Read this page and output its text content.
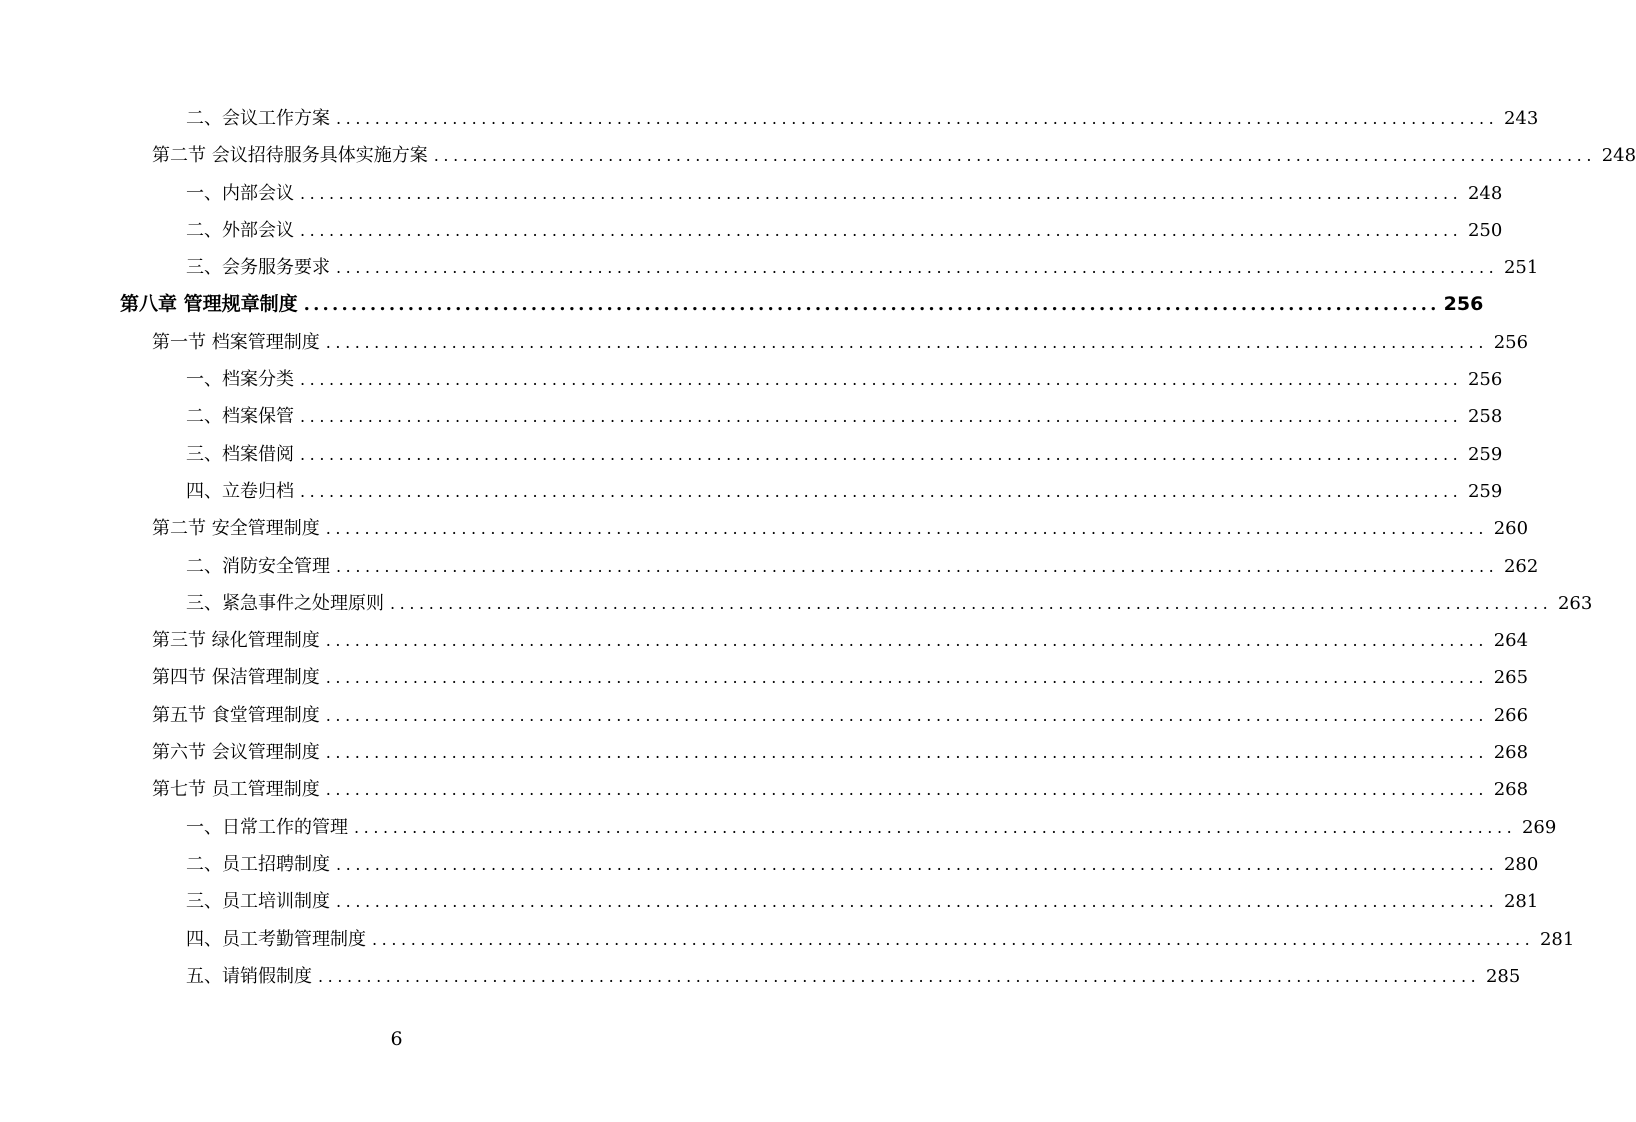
二、会议工作方案 ........................................................................................................................ 243
第二节 会议招待服务具体实施方案 ........................................................................................................................ 248
一、内部会议 ........................................................................................................................ 248
二、外部会议 ........................................................................................................................ 250
三、会务服务要求 ........................................................................................................................ 251
第八章 管理规章制度 ........................................................................................................................ 256
第一节 档案管理制度 ........................................................................................................................ 256
一、档案分类 ........................................................................................................................ 256
二、档案保管 ........................................................................................................................ 258
三、档案借阅 ........................................................................................................................ 259
四、立卷归档 ........................................................................................................................ 259
第二节 安全管理制度 ........................................................................................................................ 260
二、消防安全管理 ........................................................................................................................ 262
三、紧急事件之处理原则 ........................................................................................................................ 263
第三节 绿化管理制度 ........................................................................................................................ 264
第四节 保洁管理制度 ........................................................................................................................ 265
第五节 食堂管理制度 ........................................................................................................................ 266
第六节 会议管理制度 ........................................................................................................................ 268
第七节 员工管理制度 ........................................................................................................................ 268
一、日常工作的管理 ........................................................................................................................ 269
二、员工招聘制度 ........................................................................................................................ 280
三、员工培训制度 ........................................................................................................................ 281
四、员工考勤管理制度 ........................................................................................................................ 281
五、请销假制度 ........................................................................................................................ 285
6
